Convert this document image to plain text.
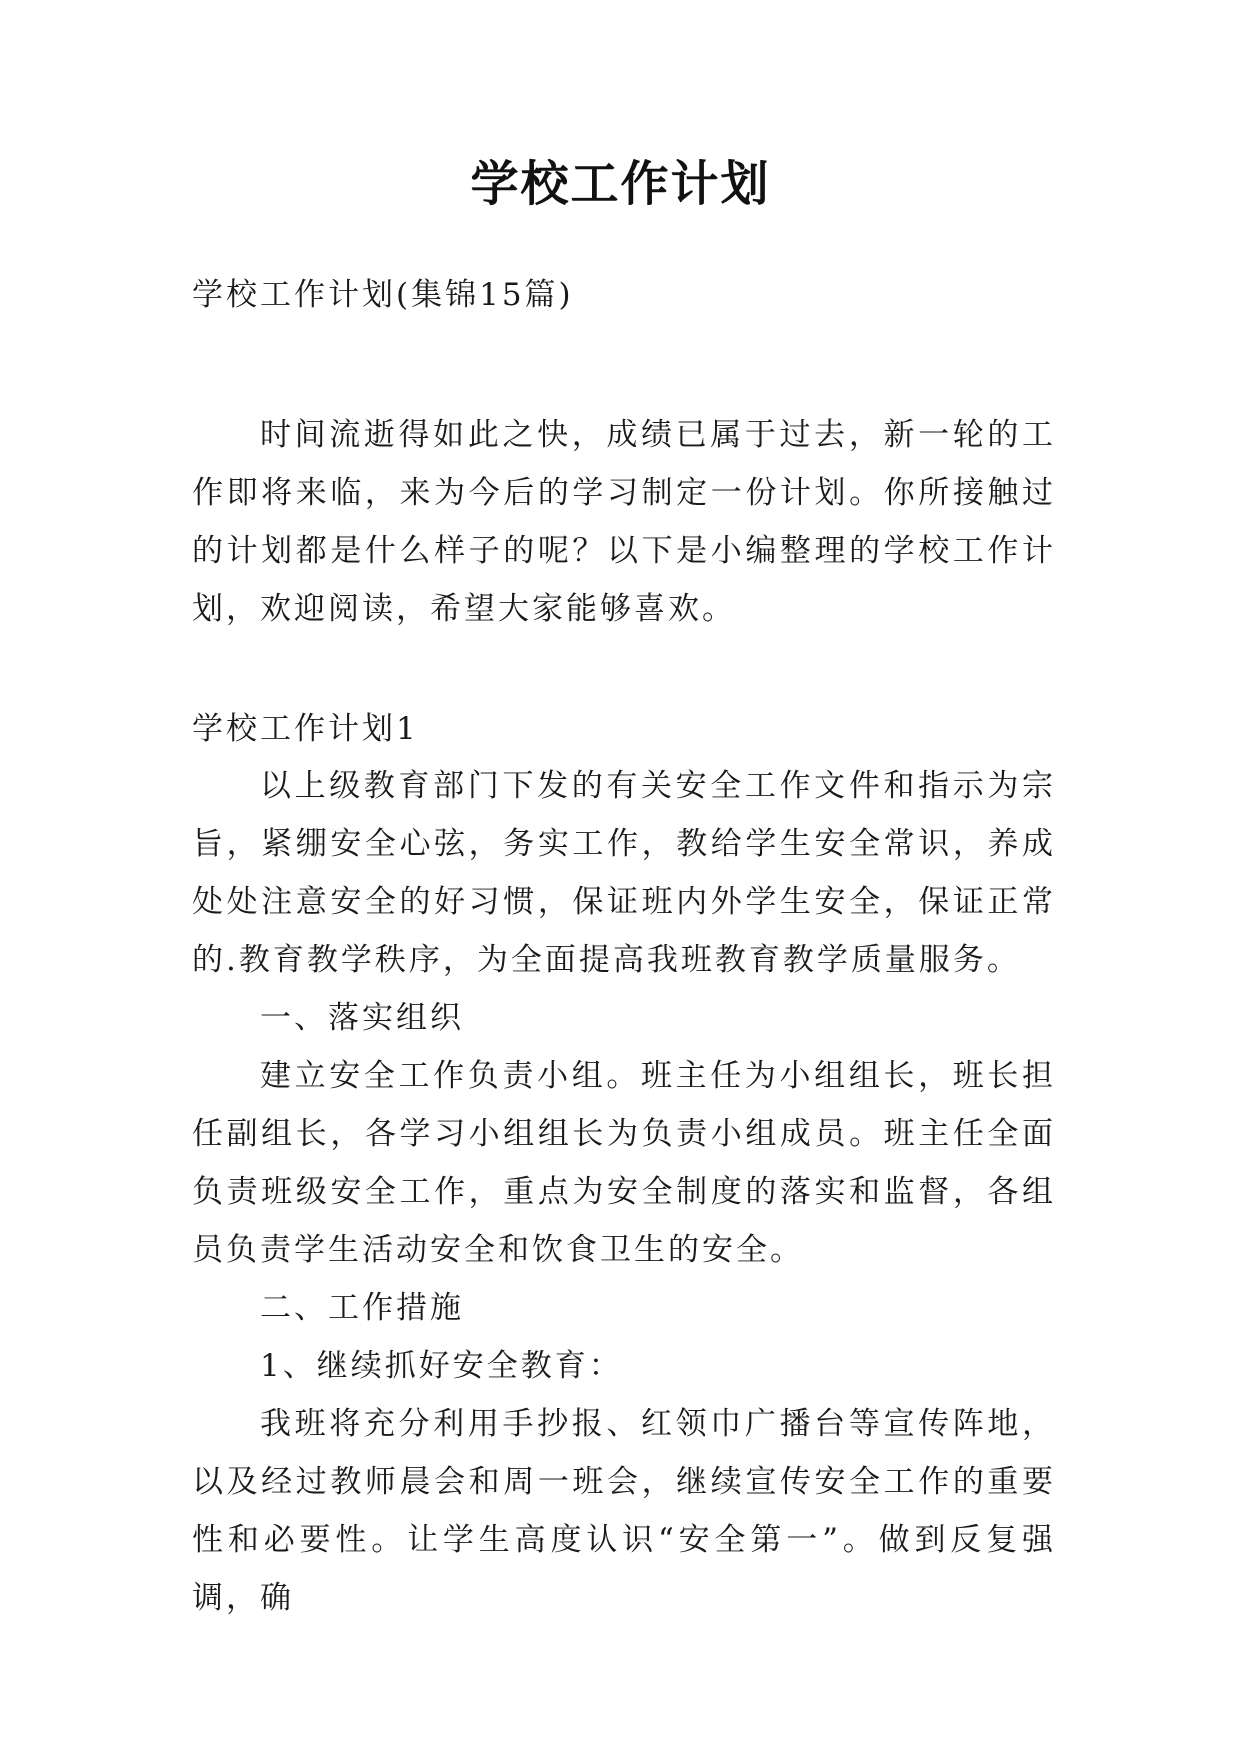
学校工作计划
学校工作计划(集锦15篇)
时间流逝得如此之快，成绩已属于过去，新一轮的工作即将来临，来为今后的学习制定一份计划。你所接触过的计划都是什么样子的呢？以下是小编整理的学校工作计划，欢迎阅读，希望大家能够喜欢。
学校工作计划1

以上级教育部门下发的有关安全工作文件和指示为宗旨，紧绷安全心弦，务实工作，教给学生安全常识，养成处处注意安全的好习惯，保证班内外学生安全，保证正常的.教育教学秩序，为全面提高我班教育教学质量服务。

一、落实组织

建立安全工作负责小组。班主任为小组组长，班长担任副组长，各学习小组组长为负责小组成员。班主任全面负责班级安全工作，重点为安全制度的落实和监督，各组员负责学生活动安全和饮食卫生的安全。

二、工作措施

1、继续抓好安全教育：

我班将充分利用手抄报、红领巾广播台等宣传阵地，以及经过教师晨会和周一班会，继续宣传安全工作的重要性和必要性。让学生高度认识“安全第一”。做到反复强调，确
